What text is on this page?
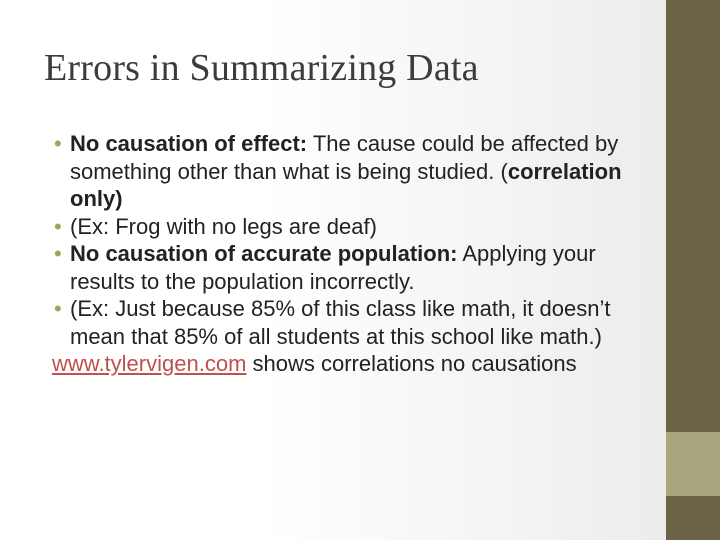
Errors in Summarizing Data
• No causation of effect: The cause could be affected by something other than what is being studied. (correlation only)
• (Ex: Frog with no legs are deaf)
• No causation of accurate population: Applying your results to the population incorrectly.
• (Ex: Just because 85% of this class like math, it doesn’t mean that 85% of all students at this school like math.)
www.tylervigen.com shows correlations no causations
